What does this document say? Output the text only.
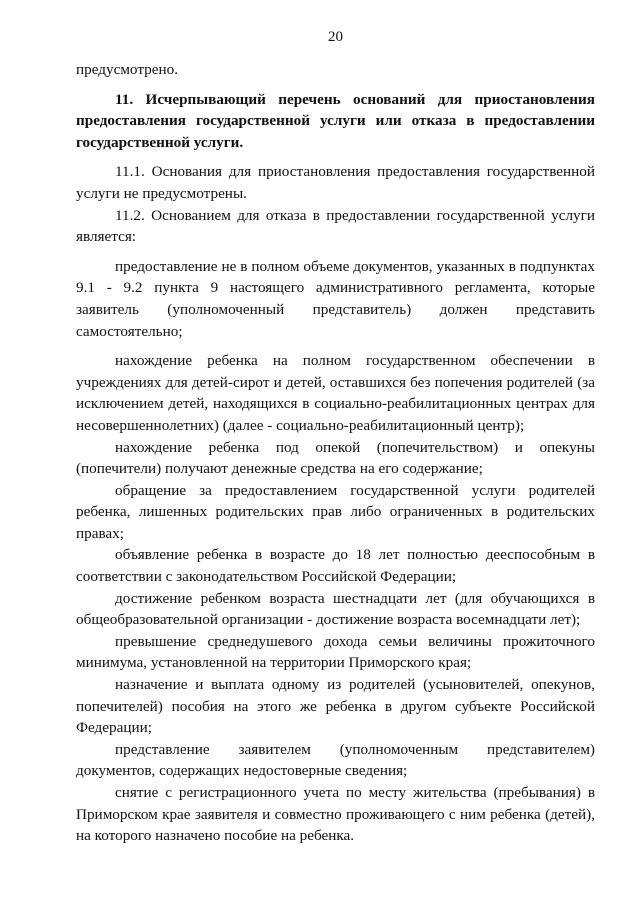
20

предусмотрено.

11. Исчерпывающий перечень оснований для приостановления предоставления государственной услуги или отказа в предоставлении государственной услуги.

11.1. Основания для приостановления предоставления государственной услуги не предусмотрены.

11.2. Основанием для отказа в предоставлении государственной услуги является:

предоставление не в полном объеме документов, указанных в подпунктах 9.1 - 9.2 пункта 9 настоящего административного регламента, которые заявитель (уполномоченный представитель) должен представить самостоятельно;

нахождение ребенка на полном государственном обеспечении в учреждениях для детей-сирот и детей, оставшихся без попечения родителей (за исключением детей, находящихся в социально-реабилитационных центрах для несовершеннолетних) (далее - социально-реабилитационный центр);

нахождение ребенка под опекой (попечительством) и опекуны (попечители) получают денежные средства на его содержание;

обращение за предоставлением государственной услуги родителей ребенка, лишенных родительских прав либо ограниченных в родительских правах;

объявление ребенка в возрасте до 18 лет полностью дееспособным в соответствии с законодательством Российской Федерации;

достижение ребенком возраста шестнадцати лет (для обучающихся в общеобразовательной организации - достижение возраста восемнадцати лет);

превышение среднедушевого дохода семьи величины прожиточного минимума, установленной на территории Приморского края;

назначение и выплата одному из родителей (усыновителей, опекунов, попечителей) пособия на этого же ребенка в другом субъекте Российской Федерации;

представление заявителем (уполномоченным представителем) документов, содержащих недостоверные сведения;

снятие с регистрационного учета по месту жительства (пребывания) в Приморском крае заявителя и совместно проживающего с ним ребенка (детей), на которого назначено пособие на ребенка.
